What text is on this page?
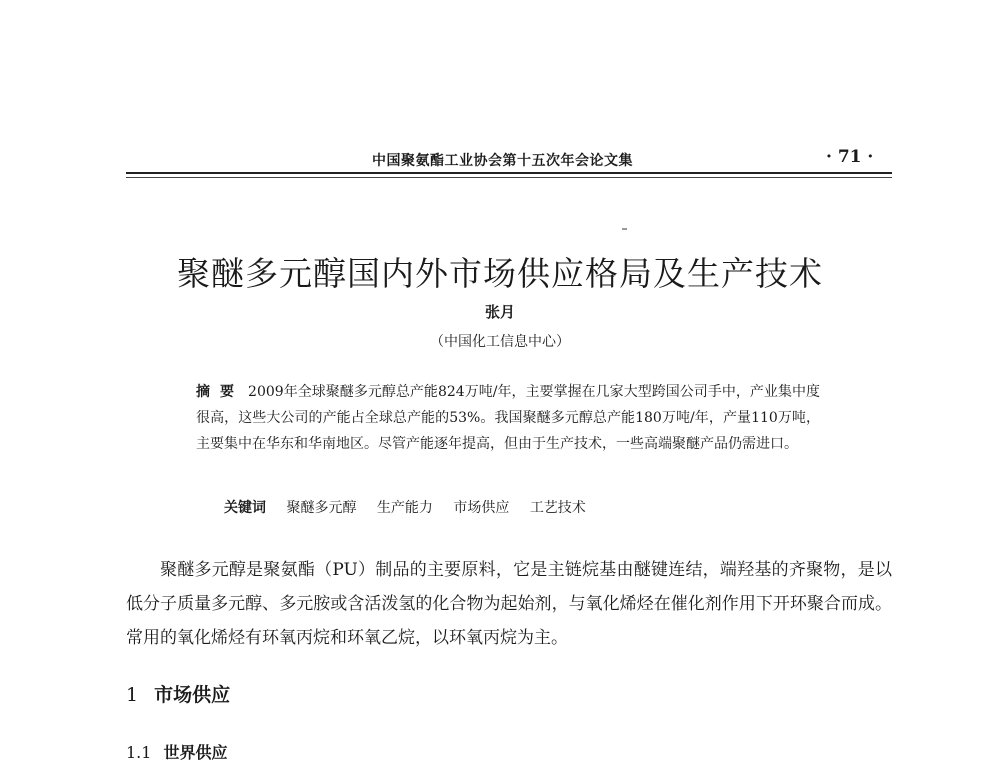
中国聚氨酯工业协会第十五次年会论文集	· 71 ·
聚醚多元醇国内外市场供应格局及生产技术
张月
（中国化工信息中心）
摘要 2009年全球聚醚多元醇总产能824万吨/年，主要掌握在几家大型跨国公司手中，产业集中度很高，这些大公司的产能占全球总产能的53%。我国聚醚多元醇总产能180万吨/年，产量110万吨，主要集中在华东和华南地区。尽管产能逐年提高，但由于生产技术，一些高端聚醚产品仍需进口。
关键词 聚醚多元醇 生产能力 市场供应 工艺技术
聚醚多元醇是聚氨酯（PU）制品的主要原料，它是主链烷基由醚键连结，端羟基的齐聚物，是以低分子质量多元醇、多元胺或含活泼氢的化合物为起始剂，与氧化烯烃在催化剂作用下开环聚合而成。常用的氧化烯烃有环氧丙烷和环氧乙烷，以环氧丙烷为主。
1 市场供应
1.1 世界供应
